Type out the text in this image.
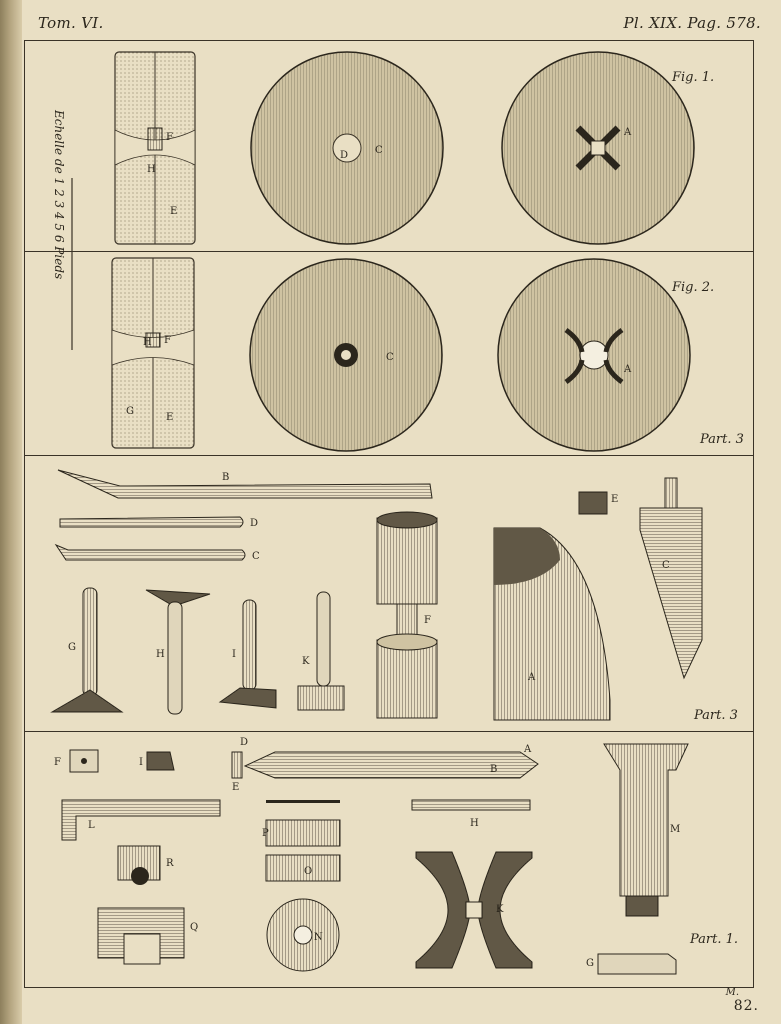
Tom. VI.	Pl. XIX. Pag. 578.
F
H
E
F
H
G
E
D	C
A
C
A
B
D
C
G
H	I
K
F
A
E
C
F	I
D
E
A
B
L
P
O
H
R
Q
N
K
M
G
Echelle de 1 2 3 4 5 6 Pieds
Fig. 1.
Fig. 2.
Part. 3
Part. 3
Part. 1.
M.
82.
